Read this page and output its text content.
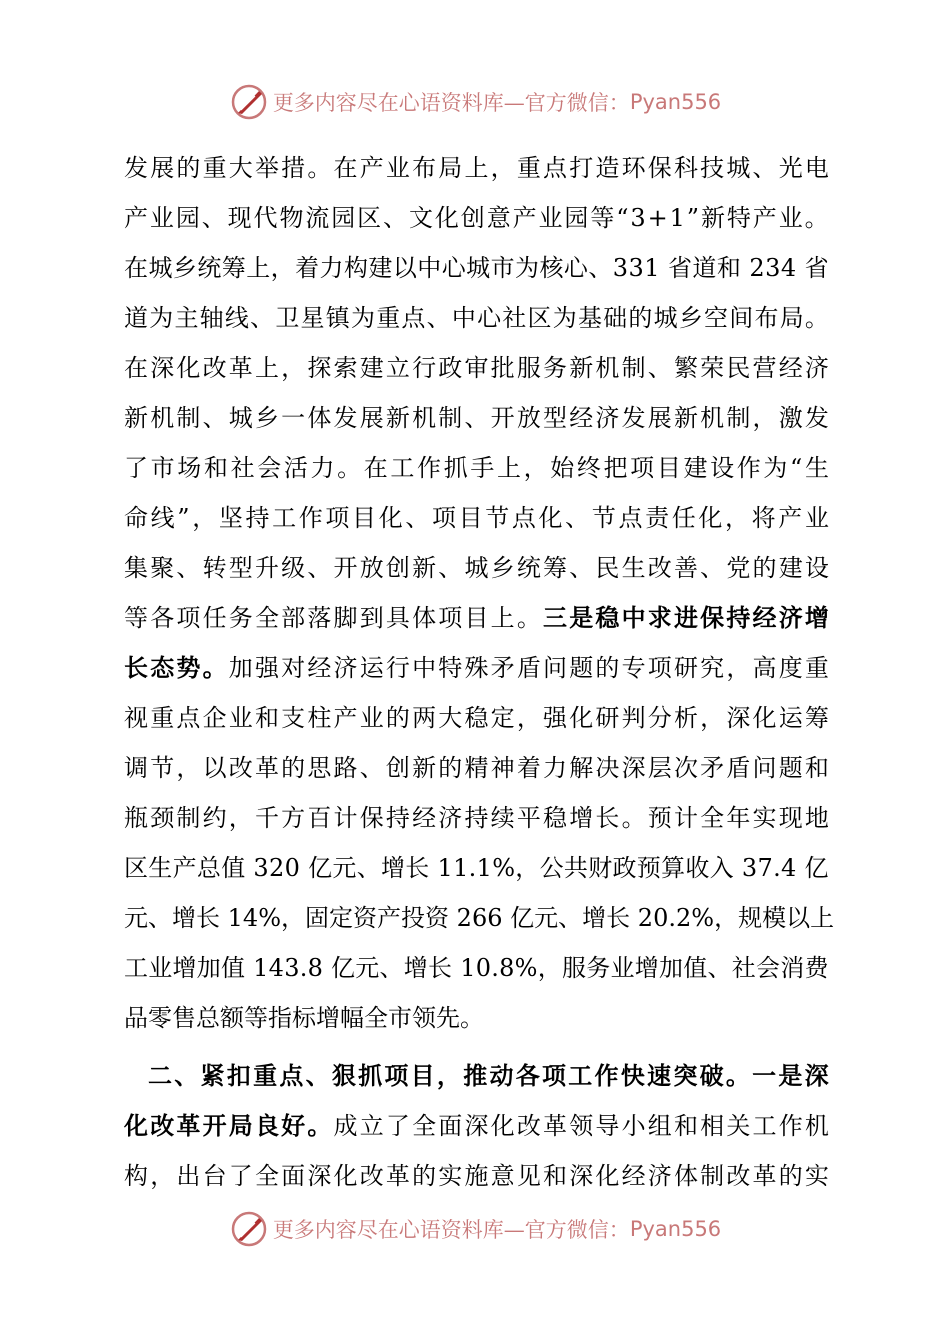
更多内容尽在心语资料库—官方微信： Pyan556
发 展 的 重 大 举 措 。 在 产 业 布 局 上 ， 重 点 打 造 环 保 科 技 城 、 光 电
产 业 园 、 现 代 物 流 园 区 、 文 化 创 意 产 业 园 等 “ 3 + 1 ” 新 特 产 业 。
在 城 乡 统 筹 上 ， 着 力 构 建 以 中 心 城 市 为 核 心 、 3 3 1
省 道 和
2 3 4
省
道 为 主 轴 线 、 卫 星 镇 为 重 点 、 中 心 社 区 为 基 础 的 城 乡 空 间 布 局 。
在 深 化 改 革 上 ， 探 索 建 立 行 政 审 批 服 务 新 机 制 、 繁 荣 民 营 经 济
新 机 制 、 城 乡 一 体 发 展 新 机 制 、 开 放 型 经 济 发 展 新 机 制 ， 激 发
了 市 场 和 社 会 活 力 。 在 工 作 抓 手 上 ， 始 终 把 项 目 建 设 作 为 “ 生
命 线 ” ， 坚 持 工 作 项 目 化 、 项 目 节 点 化 、 节 点 责 任 化 ， 将 产 业
集 聚 、 转 型 升 级 、 开 放 创 新 、 城 乡 统 筹 、 民 生 改 善 、 党 的 建 设
等 各 项 任 务 全 部 落 脚 到 具 体 项 目 上 。 三 是 稳 中 求 进 保 持 经 济 增
长 态 势 。 加 强 对 经 济 运 行 中 特 殊 矛 盾 问 题 的 专 项 研 究 ， 高 度 重
视 重 点 企 业 和 支 柱 产 业 的 两 大 稳 定 ， 强 化 研 判 分 析 ， 深 化 运 筹
调 节 ， 以 改 革 的 思 路 、 创 新 的 精 神 着 力 解 决 深 层 次 矛 盾 问 题 和
瓶 颈 制 约 ， 千 方 百 计 保 持 经 济 持 续 平 稳 增 长 。 预 计 全 年 实 现 地
区 生 产 总 值
3 2 0
亿 元 、 增 长
1 1 . 1 % ， 公 共 财 政 预 算 收 入
3 7 . 4
亿
元 、 增 长
1 4 % ， 固 定 资 产 投 资
2 6 6
亿 元 、 增 长
2 0 . 2 % ， 规 模 以 上
工 业 增 加 值
1 4 3 . 8
亿 元 、 增 长
1 0 . 8 % ， 服 务 业 增 加 值 、 社 会 消 费
品 零 售 总 额 等 指 标 增 幅 全 市 领 先 。
二 、 紧 扣 重 点 、 狠 抓 项 目 ， 推 动 各 项 工 作 快 速 突 破 。 一 是 深
化 改 革 开 局 良 好 。 成 立 了 全 面 深 化 改 革 领 导 小 组 和 相 关 工 作 机
构 ， 出 台 了 全 面 深 化 改 革 的 实 施 意 见 和 深 化 经 济 体 制 改 革 的 实
更多内容尽在心语资料库—官方微信： Pyan556
